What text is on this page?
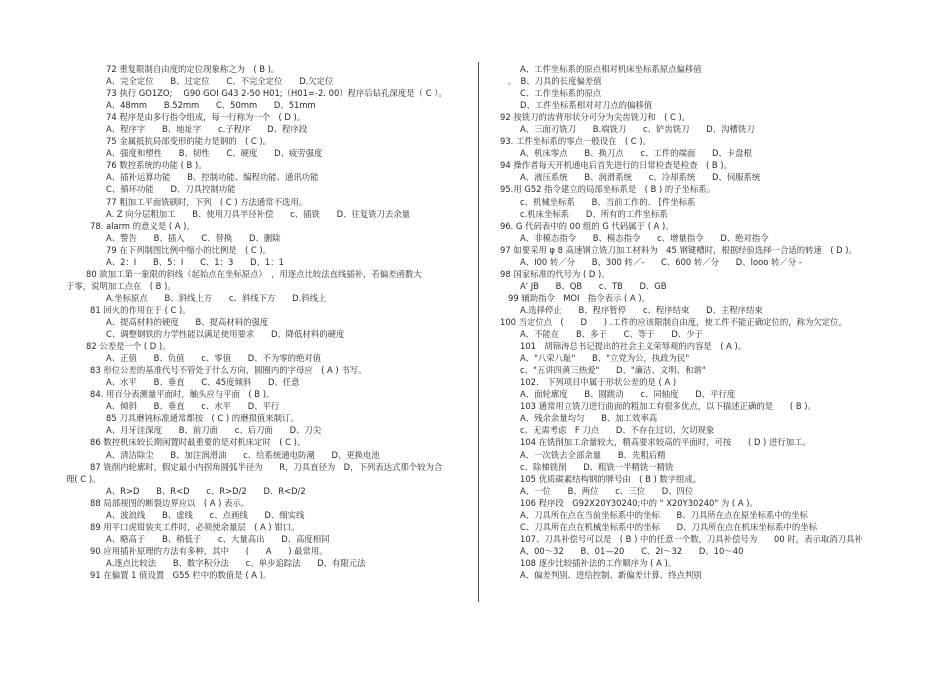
72 重复限制自由度的定位现象称之为　( B )。
A、完全定位　　B、过定位　　C、不完全定位　　D.欠定位
73 执行 GO1ZO;　 G90 GOI G43 2-50 H01;（H01=-2. 00）程序后钻孔深度是（ C ）。
A、48mm　　B.52mm　　C、50mm　　D、51mm
74 程序是由多行指令组成，每一行称为一个　( D )。
A、程序字　　B、地址字　　c.子程序　　D、程序段
75 金属抵抗局部变形的能力是钢的　( C )。
A、强度和塑性　　B、韧性　　C、硬度　　D、疲劳强度
76 数控系统的功能 ( B )。
A、插补运算功能　　B、控制功能、编程功能、通讯功能
C、循环功能　　D、刀具控制功能
77 粗加工平面铣刷时，下列　( C ) 方法通常不选用。
A. Z 向分层粗加工　　B、使用刀具半径补偿　　c、插铣　　D、往复铣刀去余量
78. alarm 的意义是 ( A )。
A、警告　　B、插入　　C、替换　　D、删除
79 在下列制图比例中缩小的比例是　( C )。
A、2：I　　B、5：I　　C、1：3　　D、1：1
80 欲加工第一象限的斜线（起始点在坐标原点）　，用逐点比较法直线插补，若偏差函数大
于零，说明加工点在　( B )。
A.坐标原点　　B、斜线上方　　c、斜线下方　　D.斜线上
81 回火的作用在于 ( C )。
A、提高材料的硬度　　B、提高材料的强度
C、调整钢铁的力学性能以满足使用要求　　D、降低材料的硬度
82 公差是一个 ( D )。
A、正值　　B、负值　　c、零值　　D、不为零的绝对值
83 形位公差的基准代号不管处于什么方向，圆圈内的字母应　( A ) 书写。
A、水平　　B、垂直　　C、45度倾斜　　D、任意
84. 用百分表测量平面时，触头应与平面　( B )。
A、倾斜　　B、垂直　　c、水平　　D、平行
85 刀具磨钝标准通常都按　( C ) 的磨损值来制订。
A、月牙洼深度　　B、前刀面　　c、后刀面　　D、刀尖
86 数控机床较长期闲置时最重要的是对机床定时　( C )。
A、清洁除尘　　B、加注润滑油　　c、给系统通电防潮　　D、更换电池
87 铣削内轮廓时，假定最小内拐角圆弧半径为　　R，刀具直径为　D，下列表达式那个较为合
理( C )。
A、R>D　　B、R<D　　c、R>D/2　　D、R<D/2
88 局部视图的断裂边界应以　( A ) 表示。
A、波浪线　　B、虚线　　c、点画线　　D、细实线
89 用平口虎钳装夹工件时，必须使余量层　( A ) 钳口。
A、略高于　　B、稍低于　　c、大量高出　　D、高度相同
90 应用插补原理的方法有多种，其中　　(　　A　　) 最常用。
A.逐点比较法　　B、数字积分法　　c、单步追踪法　　D、有限元法
91 在偏置 1 值设置　G55 栏中的数值是 ( A )。
A、工件坐标系的原点相对机床坐标系原点偏移值
。　B、刀具的长度偏差值
C、工作坐标系的原点
D、工件坐标系相对对刀点的偏移值
92 按铣刀的齿背形状分可分为尖齿铣刀和　( C )。
A、三面刃铣刀　　B.端铣刀　　c、铲齿铣刀　　D、沟槽铣刀
93. 工件坐标系的零点一般设在　( C )。
A、机床零点　　B、换刀点　　c、工件的端面　　D、卡盘根
94 操作者每天开机通电后首先进行的日常检查是检查　( B )。
A、液压系统　　B、润滑系统　　c、冷却系统　　D、伺服系统
95.用 G52 指令建立的局部坐标系是　( B ) 的子坐标系。
c、机械坐标系　　B、当前工作的.　[件坐标系
c.机床坐标系　　D、所有的工件坐标系
96. G 代码表中的 00 组的 G 代码属于 ( A )。
A、非模态指令　　B、模态指令　　c、增量指令　　D、绝对指令
97 如要采用 φ 8 高速钢立铣刀加工材料为　45 钢键槽时，根据经验选择一合适的转速　( D )。
A、I00 转／分　　B、300 转／-　　C、600 转／分　　D、looo 转／分 -
98 国家标准的代号为 ( D )。
A' JB　　B、QB　　c、TB　　D、GB
99 辅助指令　MOI　指令表示 ( A )。
A.选择停止　　B、程序暂停　　c、程序结束　　D、主程序结束
100 当定位点　(　　D　　) .工件的应该限制自由度，使工件不能正确定位的，称为欠定位。
A、不能在　　B、多于　　C、等于　　D、少于
101　胡锦涛总书记提出的社会主义荣辱观的内容是　( A )。
A、"八荣八耻"　　B、"立党为公，执政为民"
c、"五讲四黄三热爱"　　D、"廉洁、文明、和谐"
102.　下列项目中属于形状公差的是 ( A )
A、面轮廓度　　B、圆跳动　　c、同轴度　　D、平行度
103 通常用立铣刀进行曲面的粗加工有很多优点，以下描述正确的是　　( B )。
A、残余余量均匀　　B、加工效率高
c、无需考虑　F 刀点　　D、不存在过切、欠切现象
104 在铣削加工余量较大，精高要求较高的平面时，可按　　( D ) 进行加工。
A、一次铣去全部余量　　B、先粗后精
c、除梯铣削　　D、粗铣一半精铣一精铣
105 优质碳素结构钢的牌号由　( B ) 数字组成。
A、一位　　B、两位　　c、三位　　D、四位
106 程序段　G92X20Y30240;中的 " X20Y30240" 为 ( A )。
A、刀具所在点在当前坐标系中的坐标　　B、刀具所在点在原坐标系中的坐标
C、刀具所在点在机械坐标系中的坐标　　D、刀具所在点在机床坐标系中的坐标
107、刀具补偿号可以是　( B ) 中的任意一个数，刀具补偿号为　　00 时，表示取消刀具补
A、00～32　　B、01—20　　C、2I～32　　D、10～40
108 逐步比较插补法的工作顺序为 ( A )。
A、偏差判别、进给控制、新偏差计算、终点判别
